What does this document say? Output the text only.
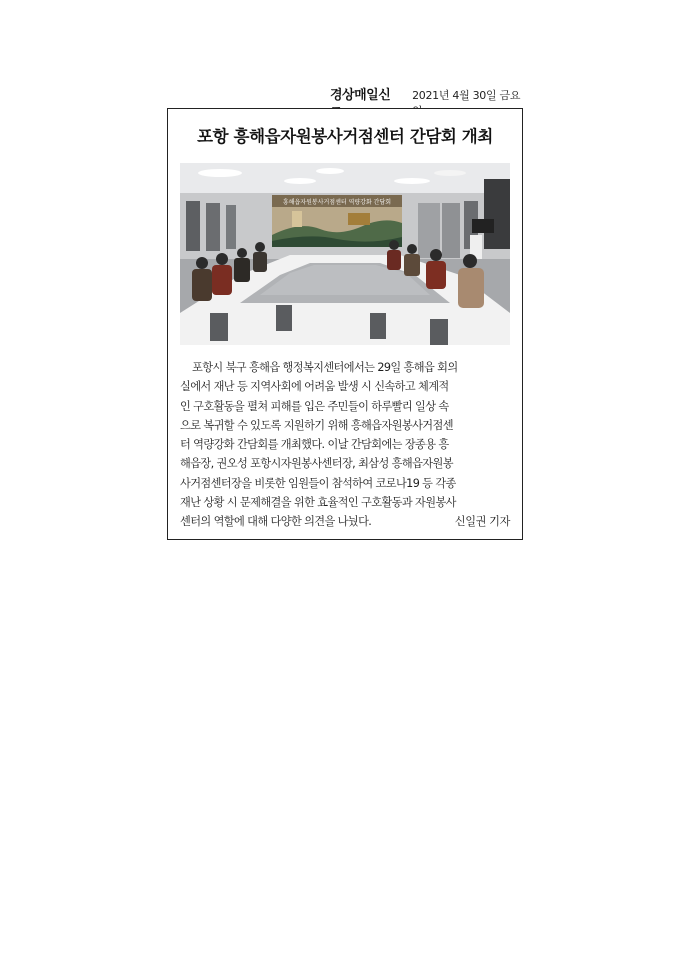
경상매일신	2021년 4월 30일 금요
포항 흥해읍자원봉사거점센터 간담회 개최
흥해읍자원봉사거점센터 역량강화 간담회
포항시 북구 흥해읍 행정복지센터에서는 29일 흥해읍 회의
실에서 재난 등 지역사회에 어려움 발생 시 신속하고 체계적
인 구호활동을 펼쳐 피해를 입은 주민들이 하루빨리 일상 속
으로 복귀할 수 있도록 지원하기 위해 흥해읍자원봉사거점센
터 역량강화 간담회를 개최했다. 이날 간담회에는 장종용 흥
해읍장, 권오성 포항시자원봉사센터장, 최삼성 흥해읍자원봉
사거점센터장을 비롯한 임원들이 참석하여 코로나19 등 각종
재난 상황 시 문제해결을 위한 효율적인 구호활동과 자원봉사
센터의 역할에 대해 다양한 의견을 나눴다.	신일권 기자
